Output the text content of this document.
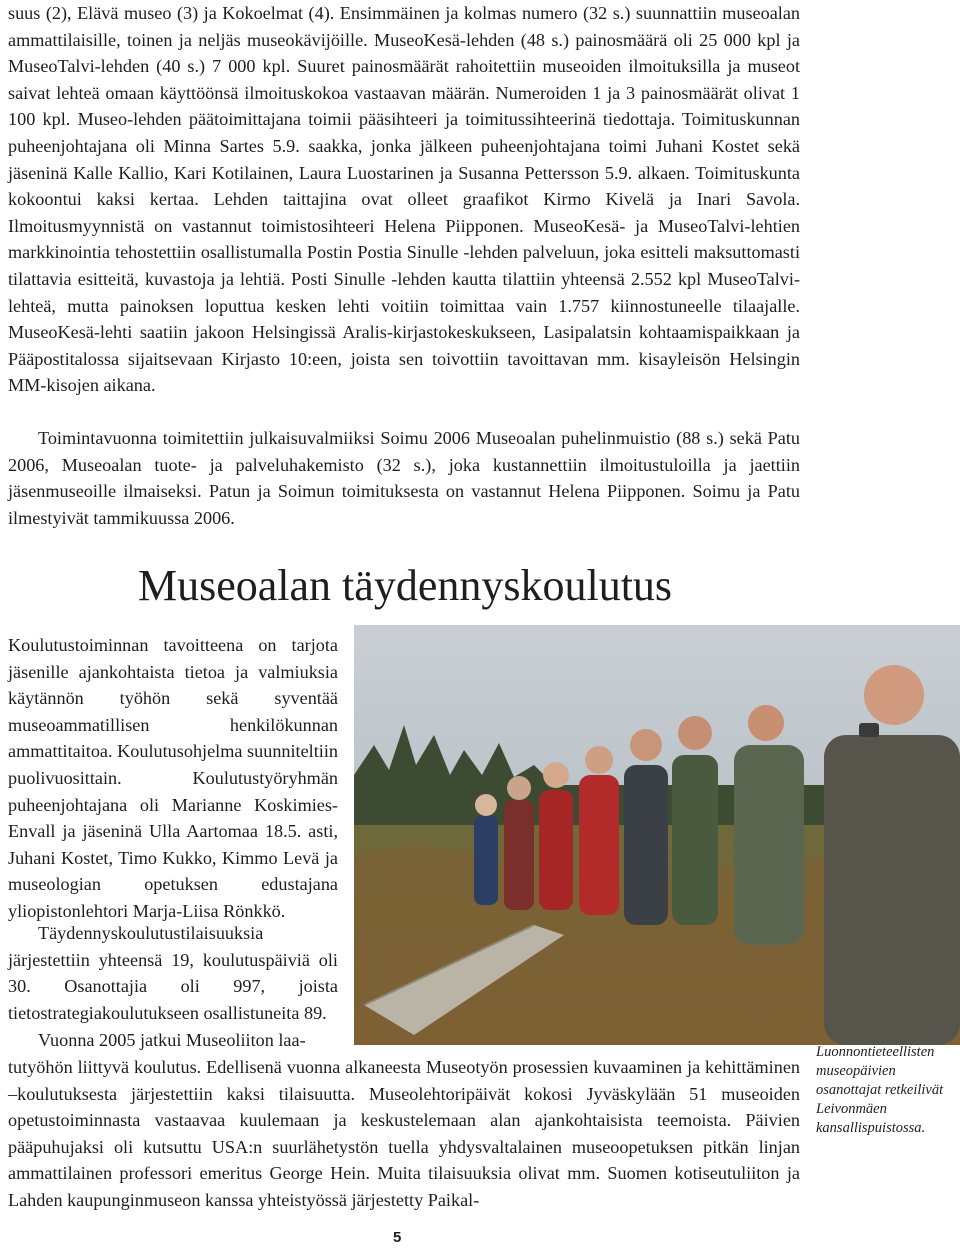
suus (2), Elävä museo (3) ja Kokoelmat (4). Ensimmäinen ja kolmas numero (32 s.) suunnattiin museoalan ammattilaisille, toinen ja neljäs museokävijöille. MuseoKesä-lehden (48 s.) painosmäärä oli 25 000 kpl ja MuseoTalvi-lehden (40 s.) 7 000 kpl. Suuret painosmäärät rahoitettiin museoiden ilmoituksilla ja museot saivat lehteä omaan käyttöönsä ilmoituskokoa vastaavan määrän. Numeroiden 1 ja 3 painosmäärät olivat 1 100 kpl. Museo-lehden päätoimittajana toimii pääsihteeri ja toimitussihteerinä tiedottaja. Toimituskunnan puheenjohtajana oli Minna Sartes 5.9. saakka, jonka jälkeen puheenjohtajana toimi Juhani Kostet sekä jäseninä Kalle Kallio, Kari Kotilainen, Laura Luostarinen ja Susanna Pettersson 5.9. alkaen. Toimituskunta kokoontui kaksi kertaa. Lehden taittajina ovat olleet graafikot Kirmo Kivelä ja Inari Savola. Ilmoitusmyynnistä on vastannut toimistosihteeri Helena Piipponen. MuseoKesä- ja MuseoTalvi-lehtien markkinointia tehostettiin osallistumalla Postin Postia Sinulle -lehden palveluun, joka esitteli maksuttomasti tilattavia esitteitä, kuvastoja ja lehtiä. Posti Sinulle -lehden kautta tilattiin yhteensä 2.552 kpl MuseoTalvi-lehteä, mutta painoksen loputtua kesken lehti voitiin toimittaa vain 1.757 kiinnostuneelle tilaajalle. MuseoKesä-lehti saatiin jakoon Helsingissä Aralis-kirjastokeskukseen, Lasipalatsin kohtaamispaikkaan ja Pääpostitalossa sijaitsevaan Kirjasto 10:een, joista sen toivottiin tavoittavan mm. kisayleisön Helsingin MM-kisojen aikana.

Toimintavuonna toimitettiin julkaisuvalmiiksi Soimu 2006 Museoalan puhelinmuistio (88 s.) sekä Patu 2006, Museoalan tuote- ja palveluhakemisto (32 s.), joka kustannettiin ilmoitustuloilla ja jaettiin jäsenmuseoille ilmaiseksi. Patun ja Soimun toimituksesta on vastannut Helena Piipponen. Soimu ja Patu ilmestyivät tammikuussa 2006.

Museoalan täydennyskoulutus

Koulutustoiminnan tavoitteena on tarjota jäsenille ajankohtaista tietoa ja valmiuksia käytännön työhön sekä syventää museoammatillisen henkilökunnan ammattitaitoa. Koulutusohjelma suunniteltiin puolivuosittain. Koulutustyöryhmän puheenjohtajana oli Marianne Koskimies-Envall ja jäseninä Ulla Aartomaa 18.5. asti, Juhani Kostet, Timo Kukko, Kimmo Levä ja museologian opetuksen edustajana yliopistonlehtori Marja-Liisa Rönkkö.

Täydennyskoulutustilaisuuksia järjestettiin yhteensä 19, koulutuspäiviä oli 30. Osanottajia oli 997, joista tietostrategiakoulutukseen osallistuneita 89.

Vuonna 2005 jatkui Museoliiton laa-

tutyöhön liittyvä koulutus. Edellisenä vuonna alkaneesta Museotyön prosessien kuvaaminen ja kehittäminen –koulutuksesta järjestettiin kaksi tilaisuutta. Museolehtoripäivät kokosi Jyväskylään 51 museoiden opetustoiminnasta vastaavaa kuulemaan ja keskustelemaan alan ajankohtaisista teemoista. Päivien pääpuhujaksi oli kutsuttu USA:n suurlähetystön tuella yhdysvaltalainen museoopetuksen pitkän linjan ammattilainen professori emeritus George Hein. Muita tilaisuuksia olivat mm. Suomen kotiseutuliiton ja Lahden kaupunginmuseon kanssa yhteistyössä järjestetty Paikal-

Luonnontieteellisten museopäivien osanottajat retkeilivät Leivonmäen kansallispuistossa.

5
